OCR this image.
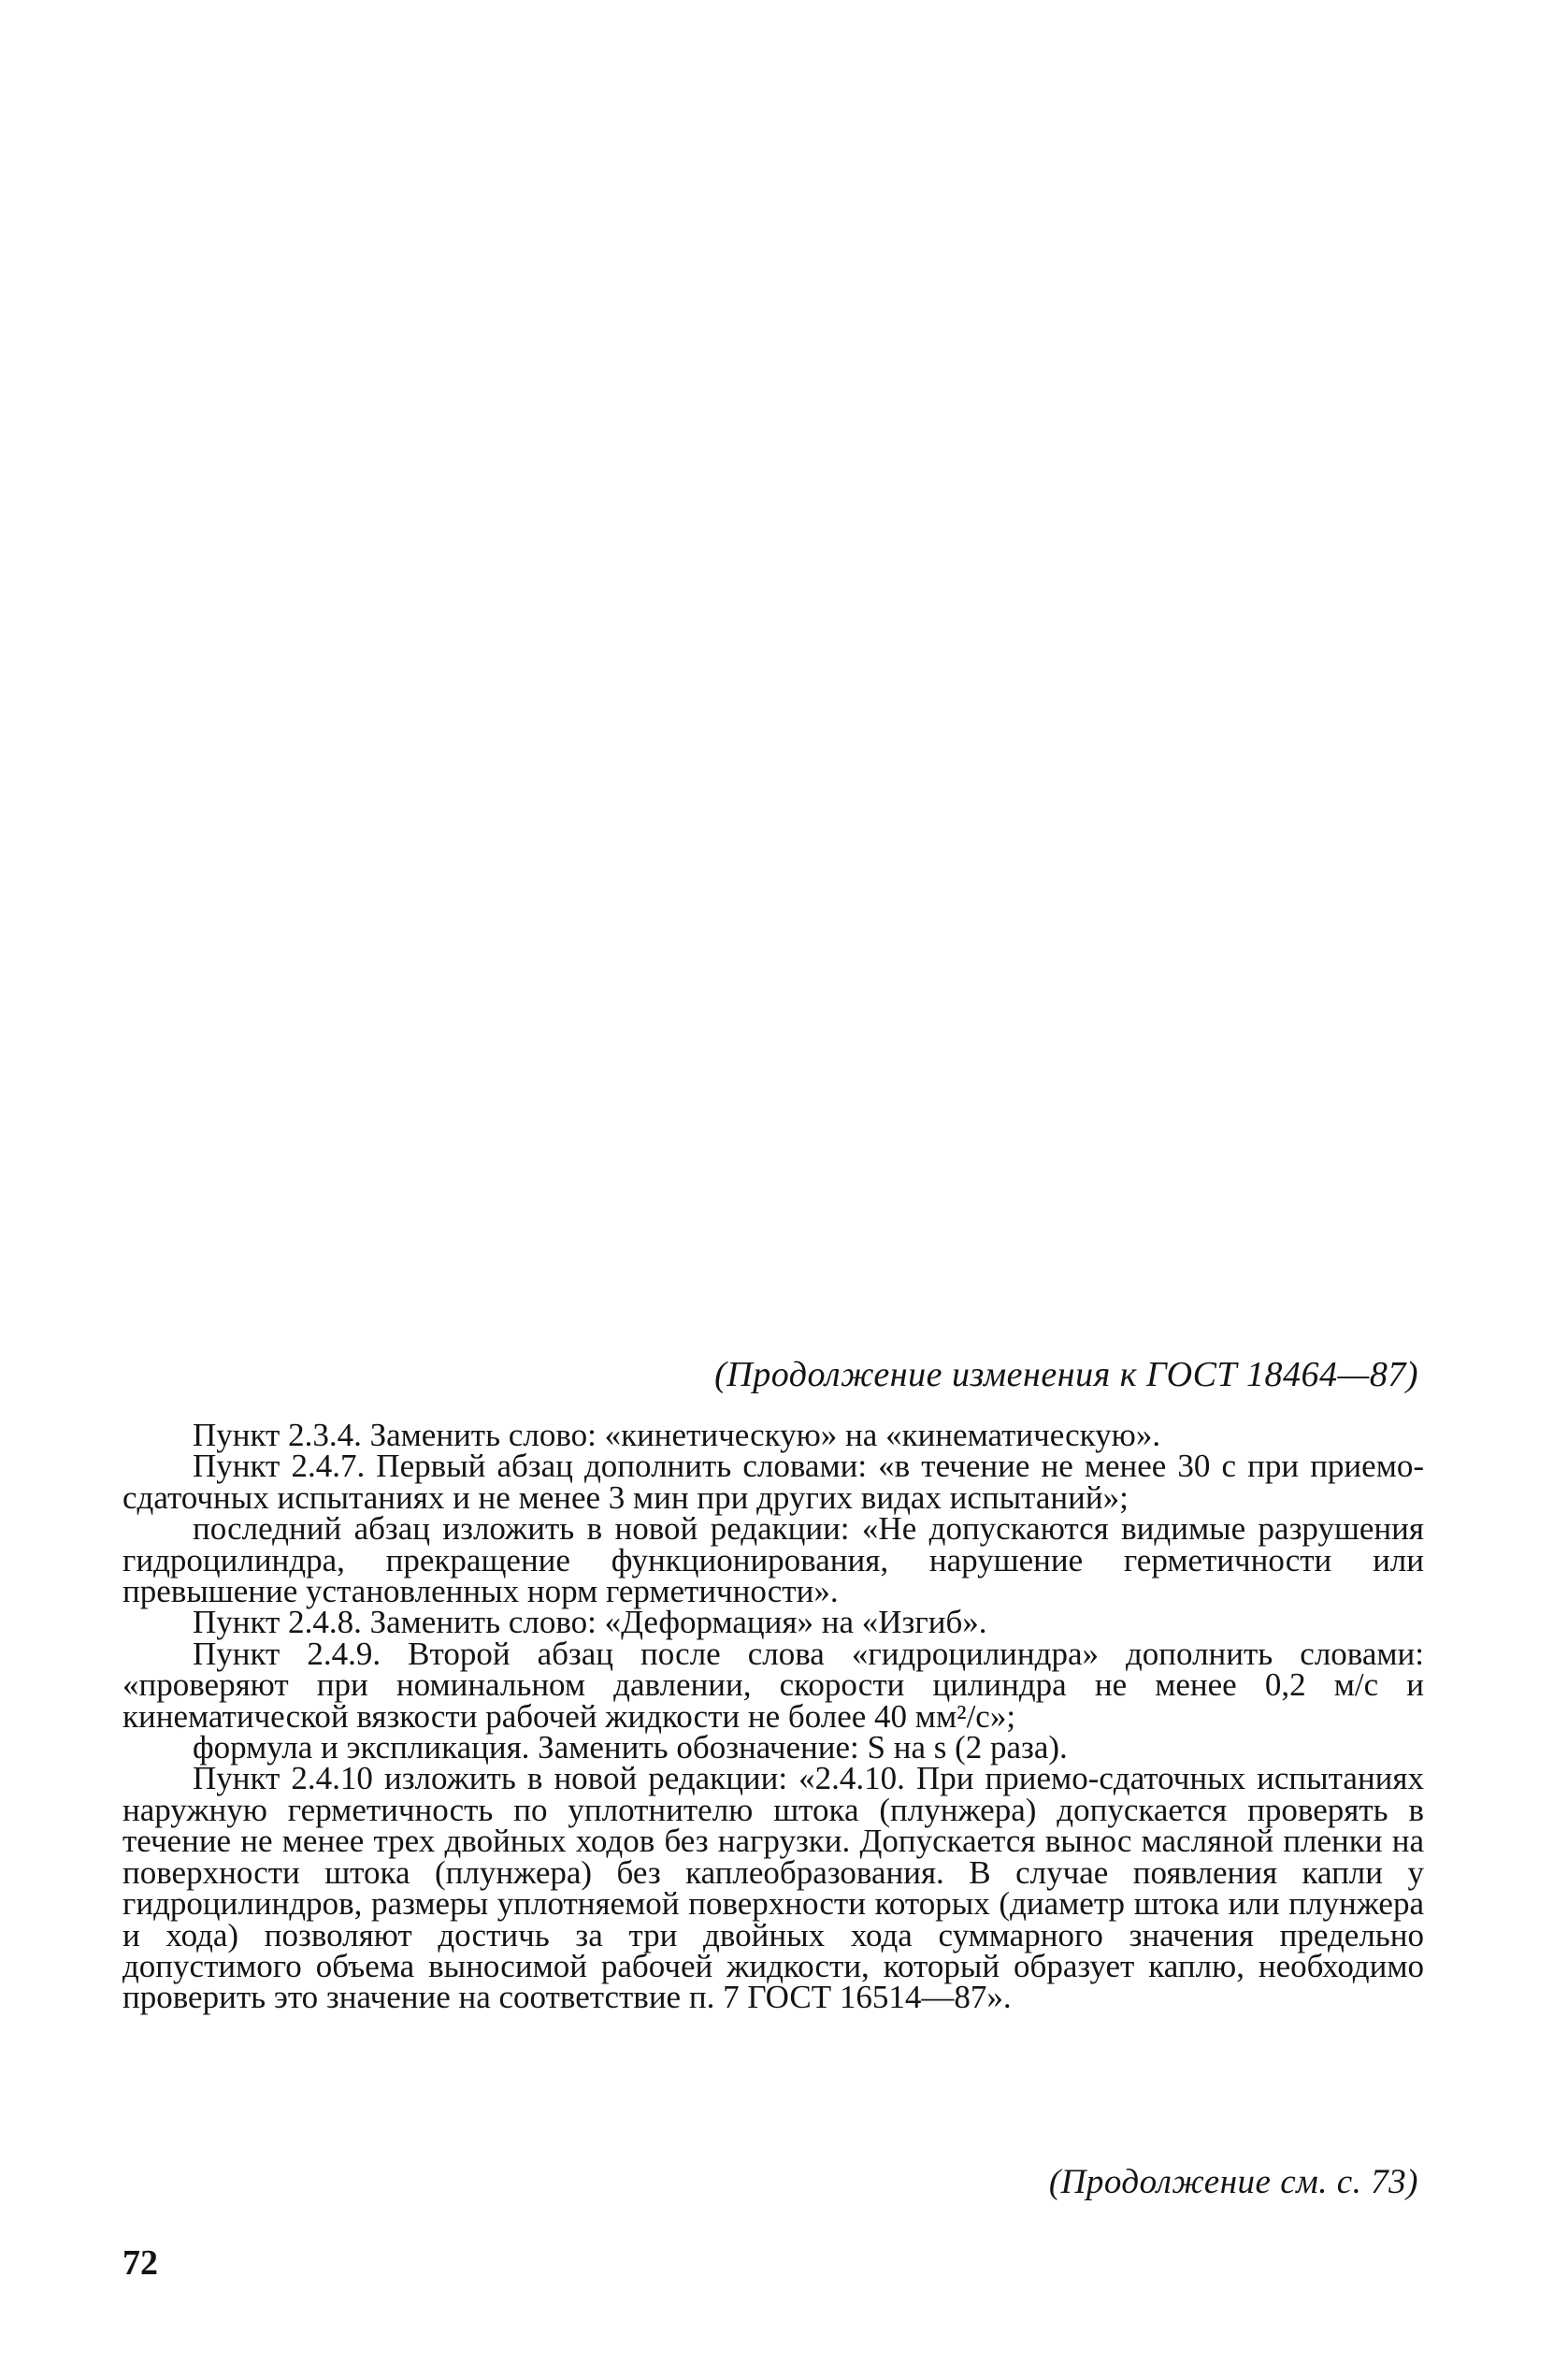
(Продолжение изменения к ГОСТ 18464—87)

Пункт 2.3.4. Заменить слово: «кинетическую» на «кинематическую».

Пункт 2.4.7. Первый абзац дополнить словами: «в течение не менее 30 с при приемо-сдаточных испытаниях и не менее 3 мин при других видах испытаний»;

последний абзац изложить в новой редакции: «Не допускаются видимые разрушения гидроцилиндра, прекращение функционирования, нарушение герметичности или превышение установленных норм герметичности».

Пункт 2.4.8. Заменить слово: «Деформация» на «Изгиб».

Пункт 2.4.9. Второй абзац после слова «гидроцилиндра» дополнить словами: «проверяют при номинальном давлении, скорости цилиндра не менее 0,2 м/с и кинематической вязкости рабочей жидкости не более 40 мм²/с»;

формула и экспликация. Заменить обозначение: S на s (2 раза).

Пункт 2.4.10 изложить в новой редакции: «2.4.10. При приемо-сдаточных испытаниях наружную герметичность по уплотнителю штока (плунжера) допускается проверять в течение не менее трех двойных ходов без нагрузки. Допускается вынос масляной пленки на поверхности штока (плунжера) без каплеобразования. В случае появления капли у гидроцилиндров, размеры уплотняемой поверхности которых (диаметр штока или плунжера и хода) позволяют достичь за три двойных хода суммарного значения предельно допустимого объема выносимой рабочей жидкости, который образует каплю, необходимо проверить это значение на соответствие п. 7 ГОСТ 16514—87».

(Продолжение см. с. 73)
72
